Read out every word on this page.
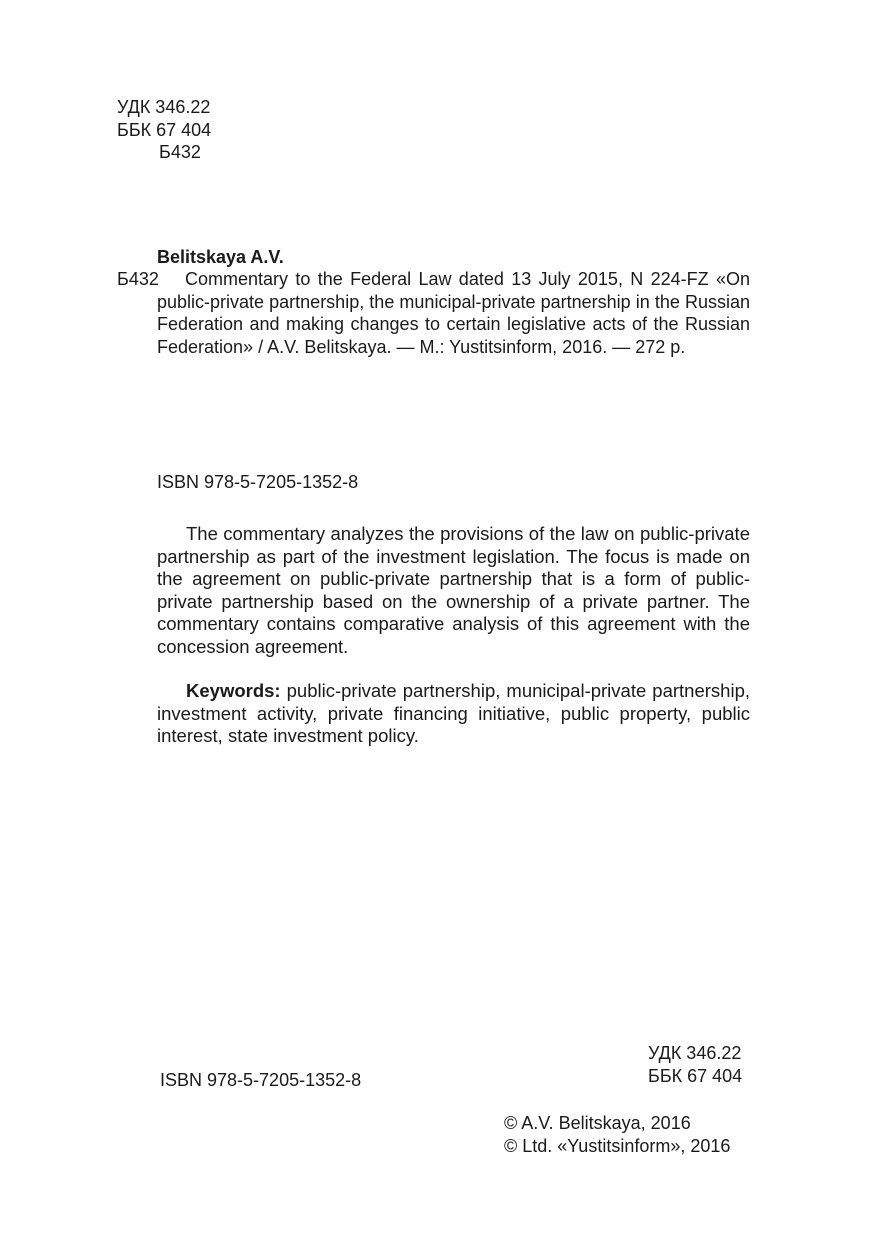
УДК 346.22
ББК 67 404
Б432
Belitskaya A.V.
Б432	Commentary to the Federal Law dated 13 July 2015, N 224-FZ «On public-private partnership, the municipal-private partnership in the Russian Federation and making changes to certain legislative acts of the Russian Federation» / A.V. Belitskaya. — M.: Yustitsinform, 2016. — 272 p.
ISBN 978-5-7205-1352-8

The commentary analyzes the provisions of the law on public-private partnership as part of the investment legislation. The focus is made on the agreement on public-private partnership that is a form of public-private partnership based on the ownership of a private partner. The commentary contains comparative analysis of this agreement with the concession agreement.

Keywords: public-private partnership, municipal-private partnership, investment activity, private financing initiative, public property, public interest, state investment policy.

ISBN 978-5-7205-1352-8
УДК 346.22
ББК 67 404
© A.V. Belitskaya, 2016
© Ltd. «Yustitsinform», 2016
